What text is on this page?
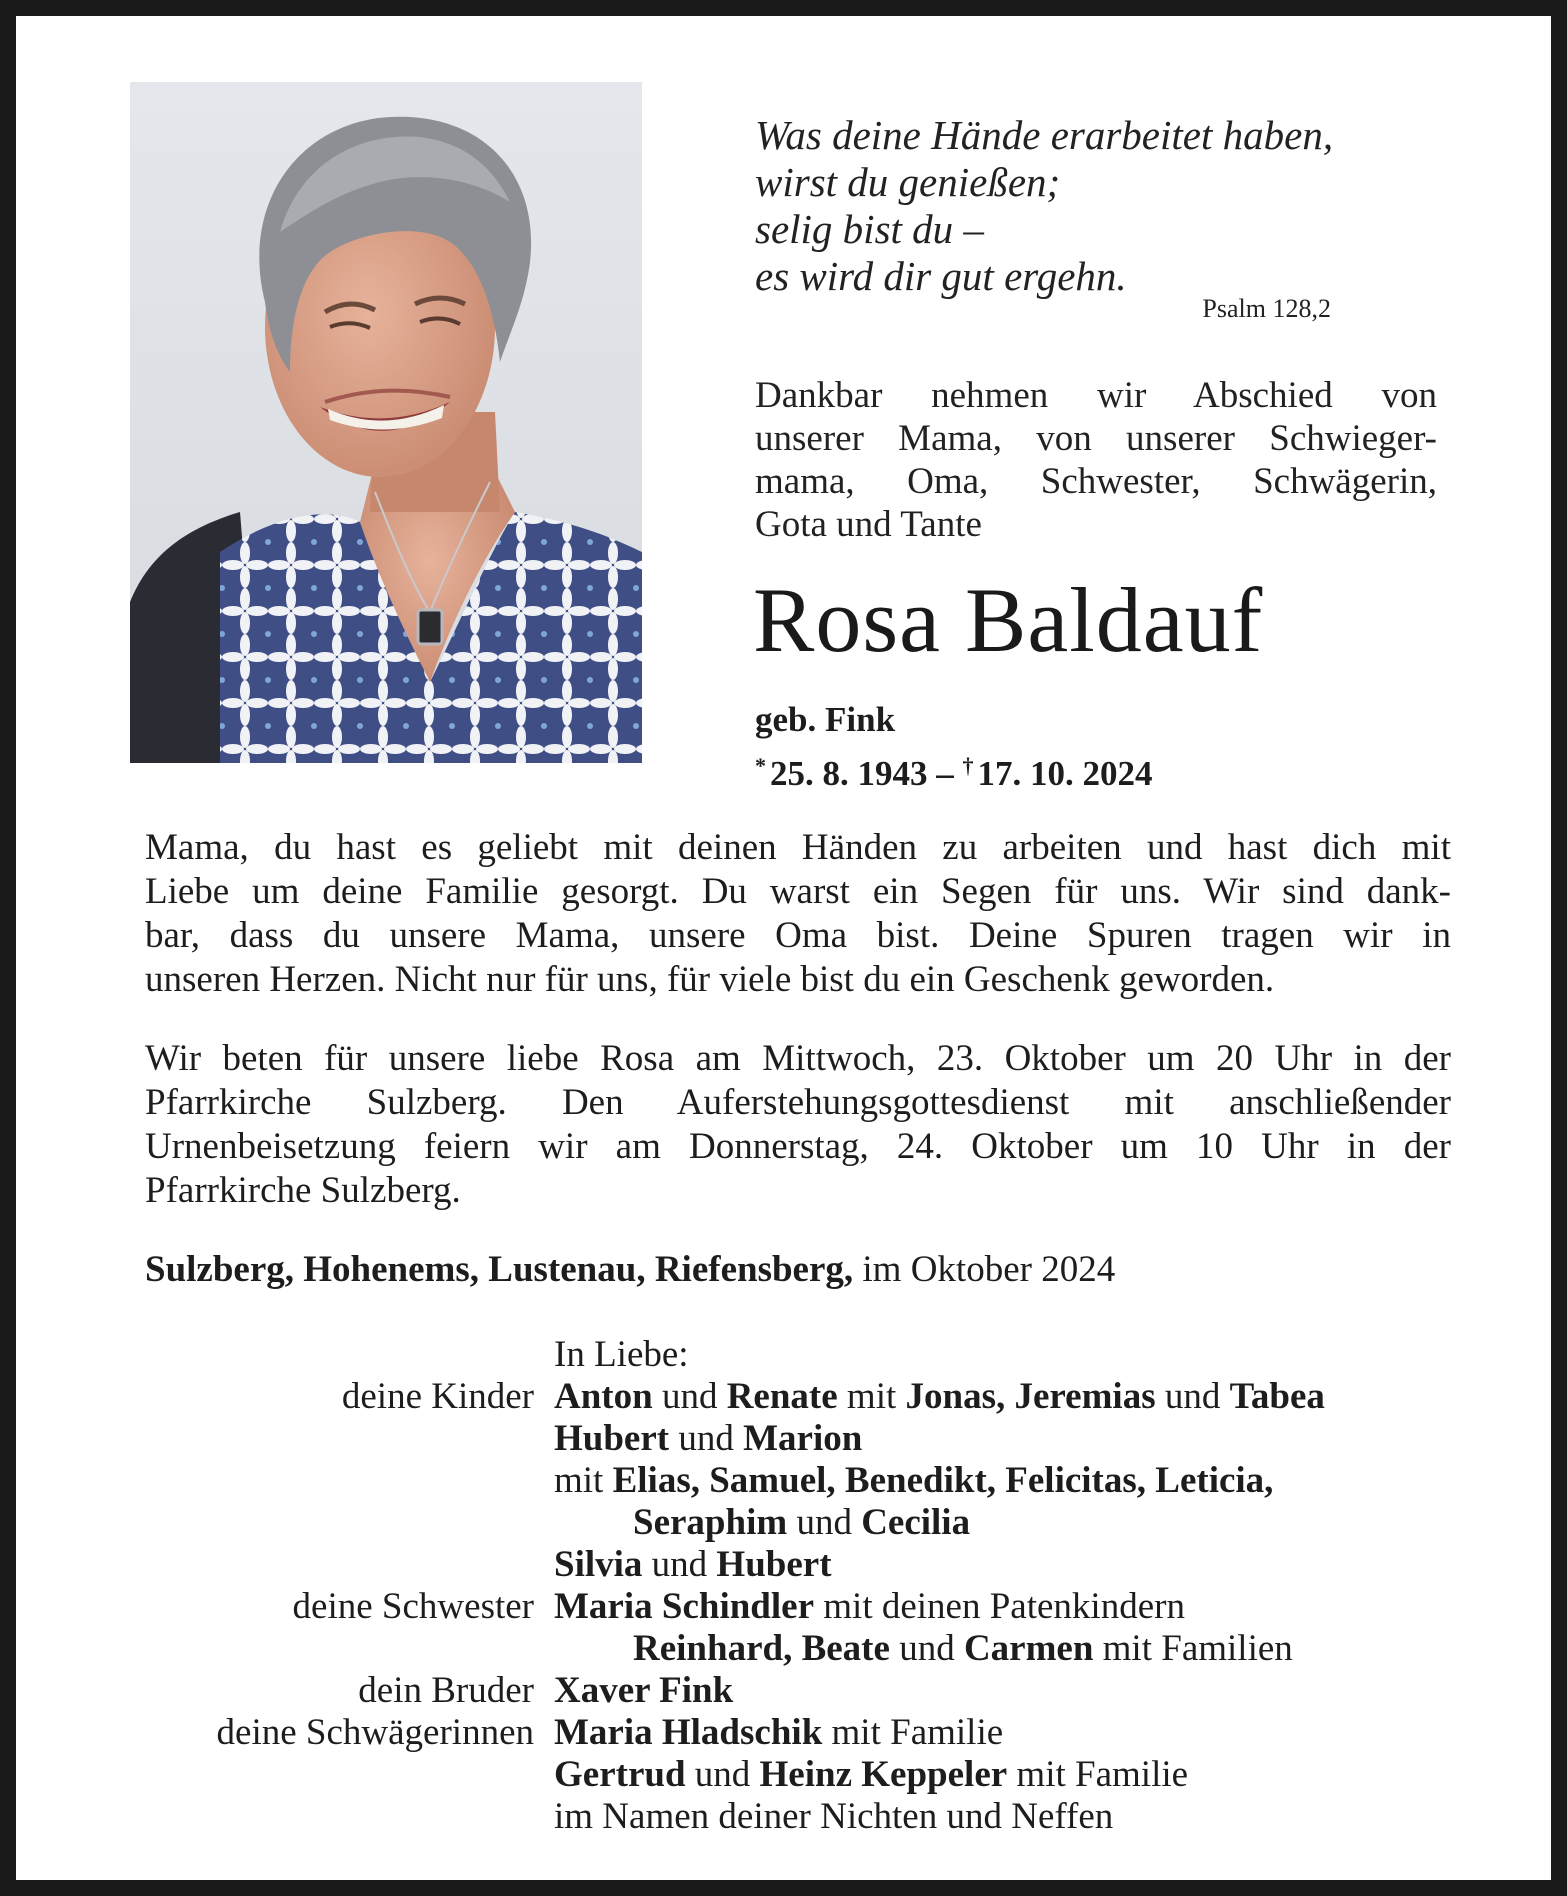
Was deine Hände erarbeitet haben,
wirst du genießen;
selig bist du –
es wird dir gut ergehn.
Psalm 128,2
Dankbar nehmen wir Abschied von
unserer Mama, von unserer Schwieger-
mama, Oma, Schwester, Schwägerin,
Gota und Tante
Rosa Baldauf
geb. Fink
* 25. 8. 1943 – † 17. 10. 2024
Mama, du hast es geliebt mit deinen Händen zu arbeiten und hast dich mit
Liebe um deine Familie gesorgt. Du warst ein Segen für uns. Wir sind dank-
bar, dass du unsere Mama, unsere Oma bist. Deine Spuren tragen wir in
unseren Herzen. Nicht nur für uns, für viele bist du ein Geschenk geworden.
Wir beten für unsere liebe Rosa am Mittwoch, 23. Oktober um 20 Uhr in der
Pfarrkirche Sulzberg. Den Auferstehungsgottesdienst mit anschließender
Urnenbeisetzung feiern wir am Donnerstag, 24. Oktober um 10 Uhr in der
Pfarrkirche Sulzberg.
Sulzberg, Hohenems, Lustenau, Riefensberg, im Oktober 2024
In Liebe:
deine Kinder Anton und Renate mit Jonas, Jeremias und Tabea
Hubert und Marion
mit Elias, Samuel, Benedikt, Felicitas, Leticia,
Seraphim und Cecilia
Silvia und Hubert
deine Schwester Maria Schindler mit deinen Patenkindern
Reinhard, Beate und Carmen mit Familien
dein Bruder Xaver Fink
deine Schwägerinnen Maria Hladschik mit Familie
Gertrud und Heinz Keppeler mit Familie
im Namen deiner Nichten und Neffen
